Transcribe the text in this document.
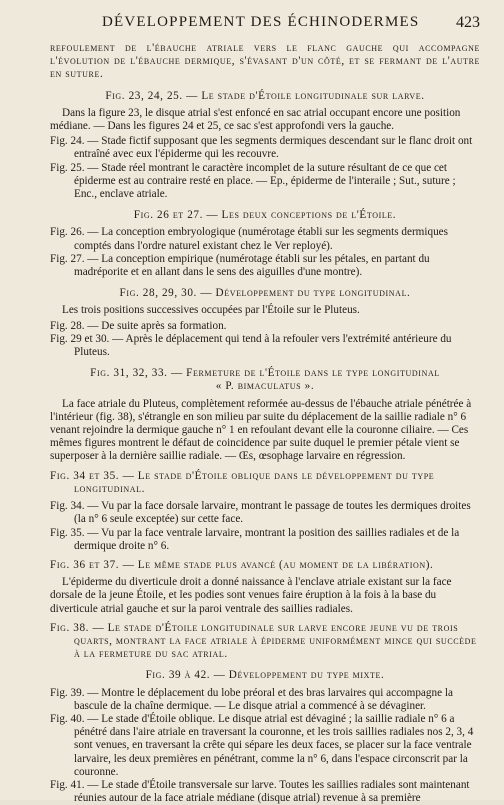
DÉVELOPPEMENT DES ÉCHINODERMES 423

refoulement de l'ébauche atriale vers le flanc gauche qui accompagne l'évolution de l'ébauche dermique, s'évasant d'un côté, et se fermant de l'autre en suture.

Fig. 23, 24, 25. — Le stade d'Étoile longitudinale sur larve.

Dans la figure 23, le disque atrial s'est enfoncé en sac atrial occupant encore une position médiane. — Dans les figures 24 et 25, ce sac s'est approfondi vers la gauche.

Fig. 24. — Stade fictif supposant que les segments dermiques descendant sur le flanc droit ont entraîné avec eux l'épiderme qui les recouvre.

Fig. 25. — Stade réel montrant le caractère incomplet de la suture résultant de ce que cet épiderme est au contraire resté en place. — Ep., épiderme de l'interaile ; Sut., suture ; Enc., enclave atriale.

Fig. 26 et 27. — Les deux conceptions de l'Étoile.

Fig. 26. — La conception embryologique (numérotage établi sur les segments dermiques comptés dans l'ordre naturel existant chez le Ver reployé).

Fig. 27. — La conception empirique (numérotage établi sur les pétales, en partant du madréporite et en allant dans le sens des aiguilles d'une montre).

Fig. 28, 29, 30. — Développement du type longitudinal.

Les trois positions successives occupées par l'Étoile sur le Pluteus.

Fig. 28. — De suite après sa formation.

Fig. 29 et 30. — Après le déplacement qui tend à la refouler vers l'extrémité antérieure du Pluteus.

Fig. 31, 32, 33. — Fermeture de l'Étoile dans le type longitudinal

« P. bimaculatus ».

La face atriale du Pluteus, complètement reformée au-dessus de l'ébauche atriale pénétrée à l'intérieur (fig. 38), s'étrangle en son milieu par suite du déplacement de la saillie radiale n° 6 venant rejoindre la dermique gauche n° 1 en refoulant devant elle la couronne ciliaire. — Ces mêmes figures montrent le défaut de coincidence par suite duquel le premier pétale vient se superposer à la dernière saillie radiale. — Œs, œsophage larvaire en régression.

Fig. 34 et 35. — Le stade d'Étoile oblique dans le développement du type longitudinal.

Fig. 34. — Vu par la face dorsale larvaire, montrant le passage de toutes les dermiques droites (la n° 6 seule exceptée) sur cette face.

Fig. 35. — Vu par la face ventrale larvaire, montrant la position des saillies radiales et de la dermique droite n° 6.

Fig. 36 et 37. — Le même stade plus avancé (au moment de la libération).

L'épiderme du diverticule droit a donné naissance à l'enclave atriale existant sur la face dorsale de la jeune Étoile, et les podies sont venues faire éruption à la fois à la base du diverticule atrial gauche et sur la paroi ventrale des saillies radiales.

Fig. 38. — Le stade d'Étoile longitudinale sur larve encore jeune vu de trois quarts, montrant la face atriale à épiderme uniformément mince qui succède à la fermeture du sac atrial.

Fig. 39 à 42. — Développement du type mixte.

Fig. 39. — Montre le déplacement du lobe préoral et des bras larvaires qui accompagne la bascule de la chaîne dermique. — Le disque atrial a commencé à se dévaginer.

Fig. 40. — Le stade d'Étoile oblique. Le disque atrial est dévaginé ; la saillie radiale n° 6 a pénétré dans l'aire atriale en traversant la couronne, et les trois saillies radiales nos 2, 3, 4 sont venues, en traversant la crête qui sépare les deux faces, se placer sur la face ventrale larvaire, les deux premières en pénétrant, comme la n° 6, dans l'espace circonscrit par la couronne.

Fig. 41. — Le stade d'Étoile transversale sur larve. Toutes les saillies radiales sont maintenant réunies autour de la face atriale médiane (disque atrial) revenue à sa première
